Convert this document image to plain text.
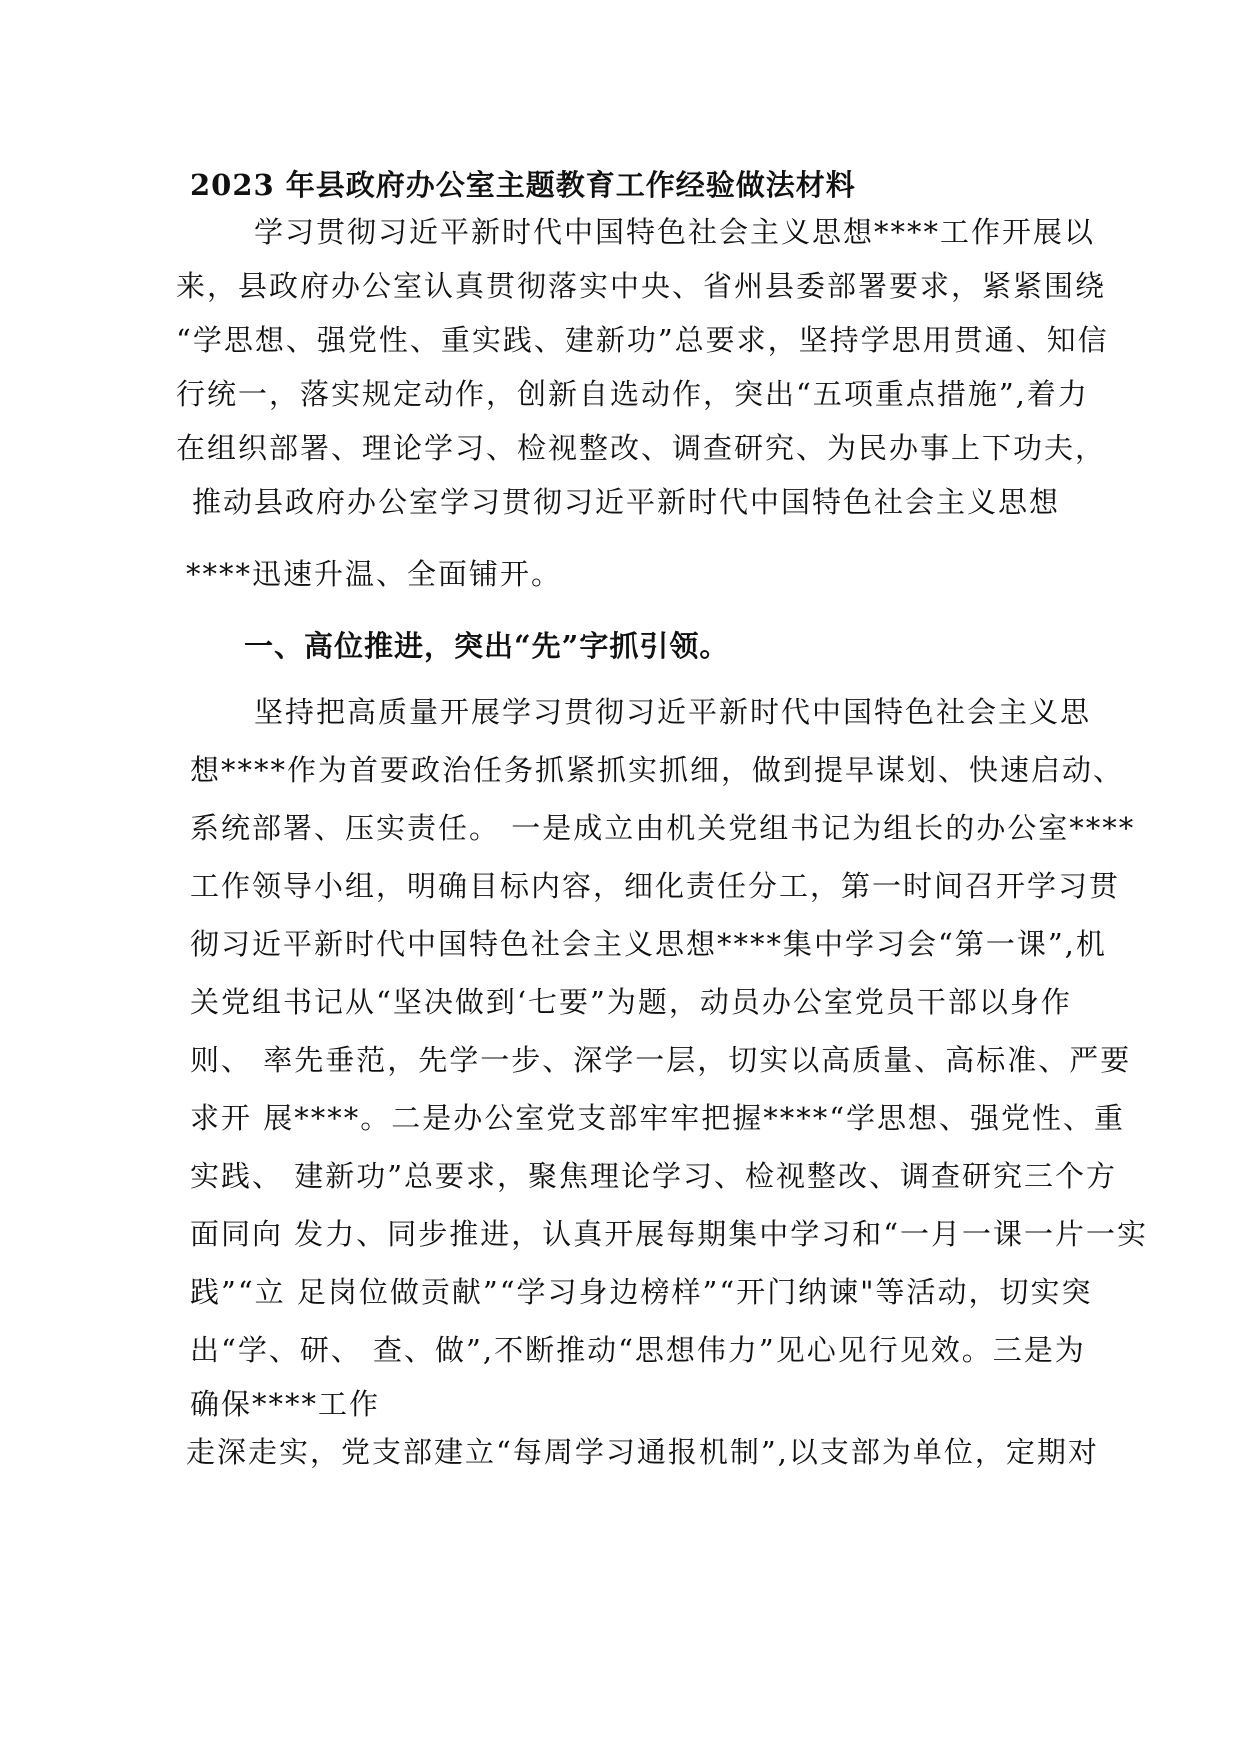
2023 年县政府办公室主题教育工作经验做法材料
学习贯彻习近平新时代中国特色社会主义思想****工作开展以
来，县政府办公室认真贯彻落实中央、省州县委部署要求，紧紧围绕
“学思想、强党性、重实践、建新功”总要求，坚持学思用贯通、知信
行统一，落实规定动作，创新自选动作，突出“五项重点措施”,着力
在组织部署、理论学习、检视整改、调查研究、为民办事上下功夫，
推动县政府办公室学习贯彻习近平新时代中国特色社会主义思想
****迅速升温、全面铺开。
一、高位推进，突出“先”字抓引领。
坚持把高质量开展学习贯彻习近平新时代中国特色社会主义思
想****作为首要政治任务抓紧抓实抓细，做到提早谋划、快速启动、
系统部署、压实责任。 一是成立由机关党组书记为组长的办公室****
工作领导小组，明确目标内容，细化责任分工，第一时间召开学习贯
彻习近平新时代中国特色社会主义思想****集中学习会“第一课”,机
关党组书记从“坚决做到‘七要”为题，动员办公室党员干部以身作
则、 率先垂范，先学一步、深学一层，切实以高质量、高标准、严要
求开 展****。二是办公室党支部牢牢把握****“学思想、强党性、重
实践、 建新功”总要求，聚焦理论学习、检视整改、调查研究三个方
面同向 发力、同步推进，认真开展每期集中学习和“一月一课一片一实
践”“立 足岗位做贡献”“学习身边榜样”“开门纳谏"等活动，切实突
出“学、研、 查、做”,不断推动“思想伟力”见心见行见效。三是为
确保****工作
走深走实，党支部建立“每周学习通报机制”,以支部为单位，定期对
